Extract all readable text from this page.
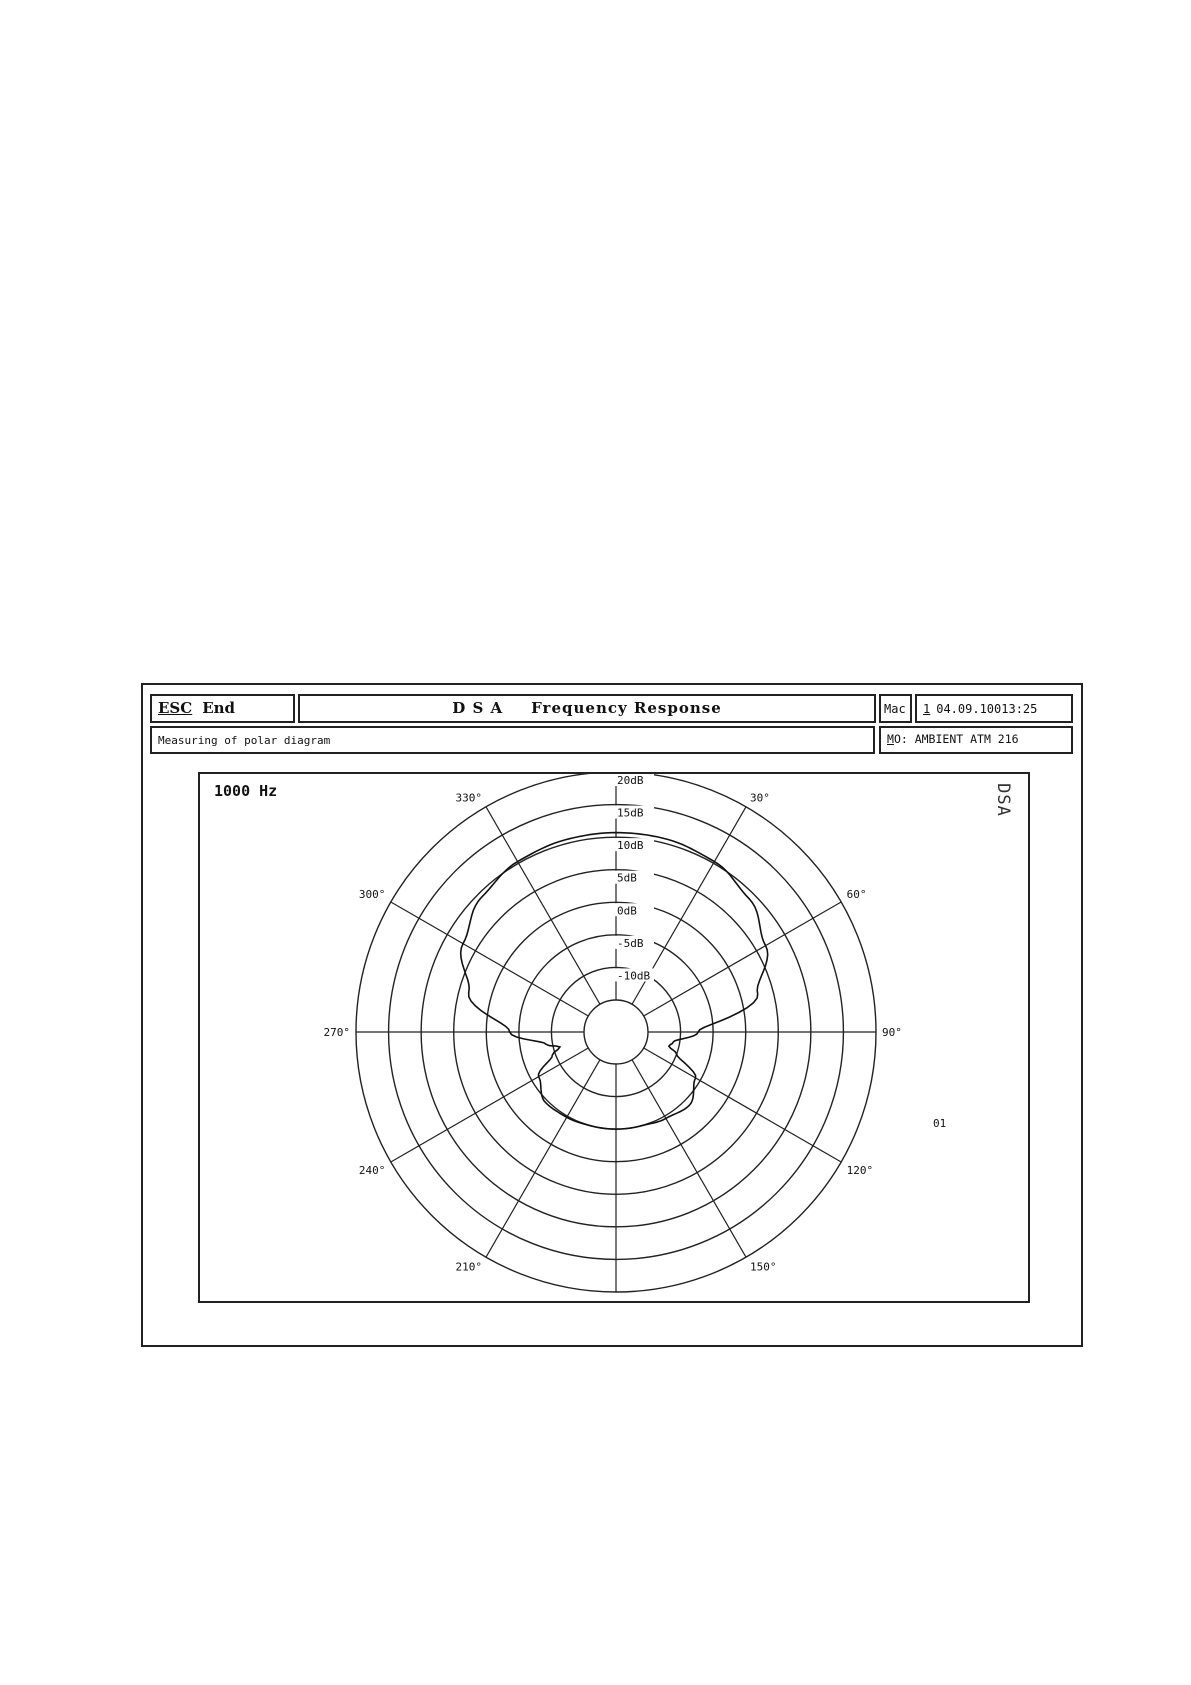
ESC End	D S A Frequency Response	Mac 1 04.09.10013:25
Measuring of polar diagram	M O: AMBIENT ATM 216
-10dB
-5dB
0dB
5dB
10dB
15dB
20dB
30°
60°
90°
120°
150°
210°
240°
270°
300°
330°
1000 Hz	DSA
01
